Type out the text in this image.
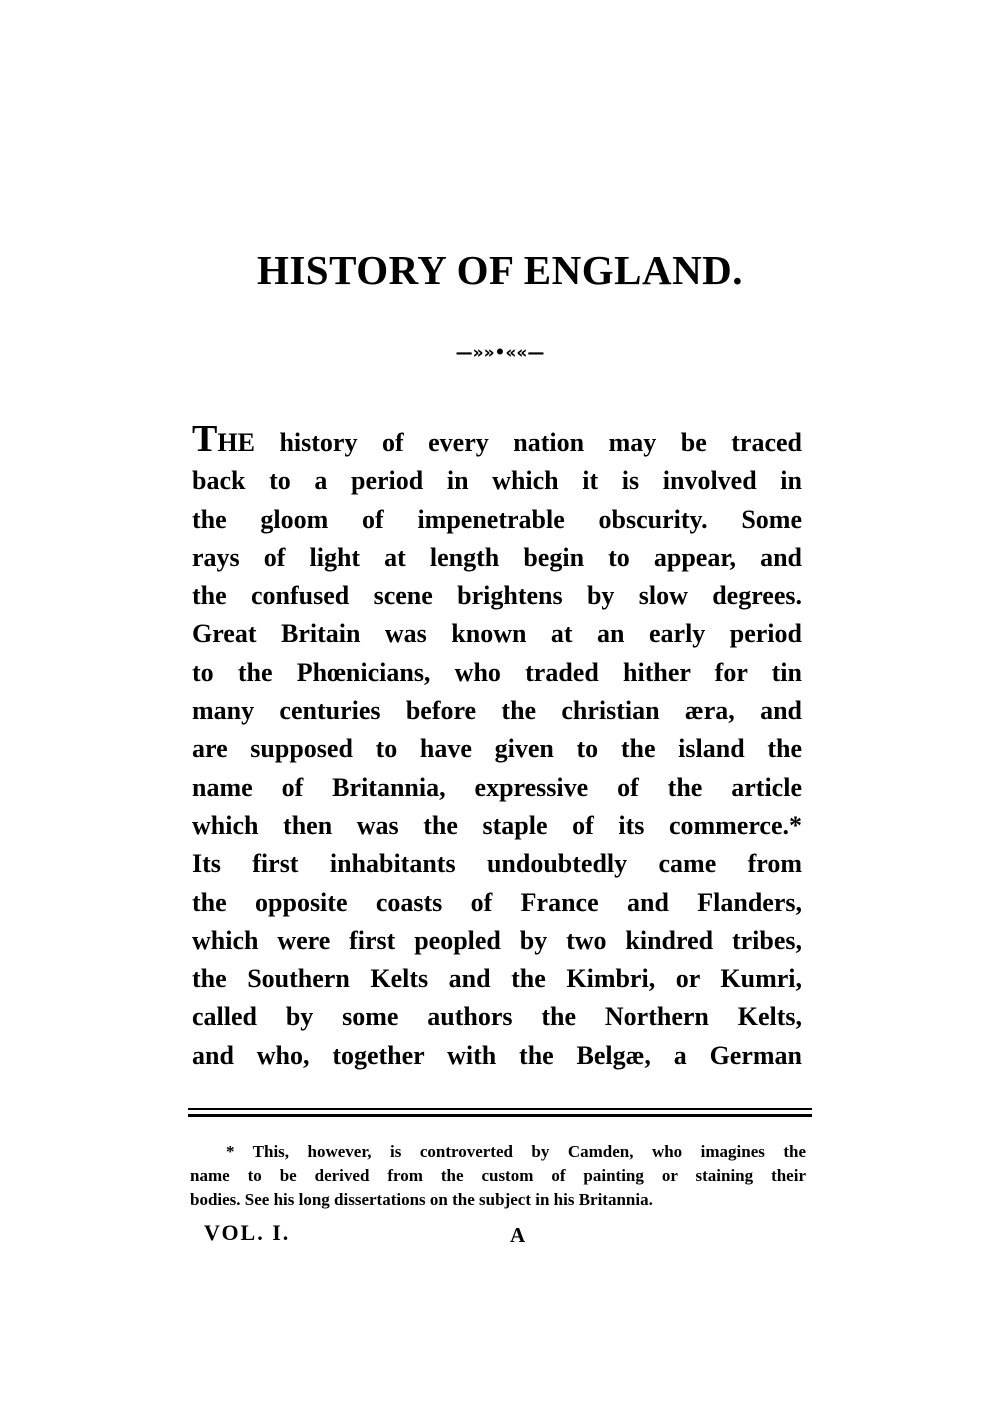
HISTORY OF ENGLAND.
—»»•««—
THE history of every nation may be traced
back to a period in which it is involved in
the gloom of impenetrable obscurity. Some
rays of light at length begin to appear, and
the confused scene brightens by slow degrees.
Great Britain was known at an early period
to the Phœnicians, who traded hither for tin
many centuries before the christian æra, and
are supposed to have given to the island the
name of Britannia, expressive of the article
which then was the staple of its commerce.*
Its first inhabitants undoubtedly came from
the opposite coasts of France and Flanders,
which were first peopled by two kindred tribes,
the Southern Kelts and the Kimbri, or Kumri,
called by some authors the Northern Kelts,
and who, together with the Belgæ, a German
* This, however, is controverted by Camden, who imagines the
name to be derived from the custom of painting or staining their
bodies. See his long dissertations on the subject in his Britannia.
VOL. I.	A
